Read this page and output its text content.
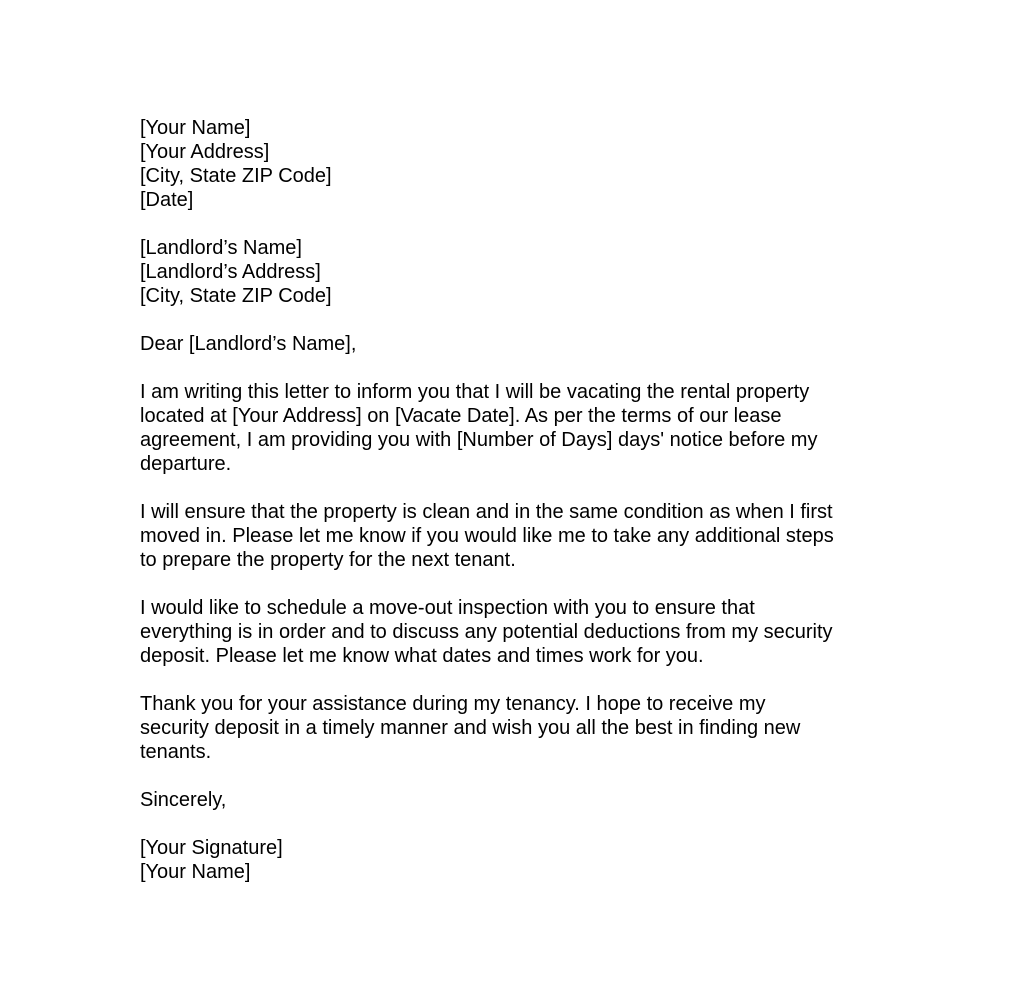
[Your Name]
[Your Address]
[City, State ZIP Code]
[Date]
[Landlord’s Name]
[Landlord’s Address]
[City, State ZIP Code]
Dear [Landlord’s Name],
I am writing this letter to inform you that I will be vacating the rental property
located at [Your Address] on [Vacate Date]. As per the terms of our lease
agreement, I am providing you with [Number of Days] days' notice before my
departure.
I will ensure that the property is clean and in the same condition as when I first
moved in. Please let me know if you would like me to take any additional steps
to prepare the property for the next tenant.
I would like to schedule a move-out inspection with you to ensure that
everything is in order and to discuss any potential deductions from my security
deposit. Please let me know what dates and times work for you.
Thank you for your assistance during my tenancy. I hope to receive my
security deposit in a timely manner and wish you all the best in finding new
tenants.
Sincerely,
[Your Signature]
[Your Name]
